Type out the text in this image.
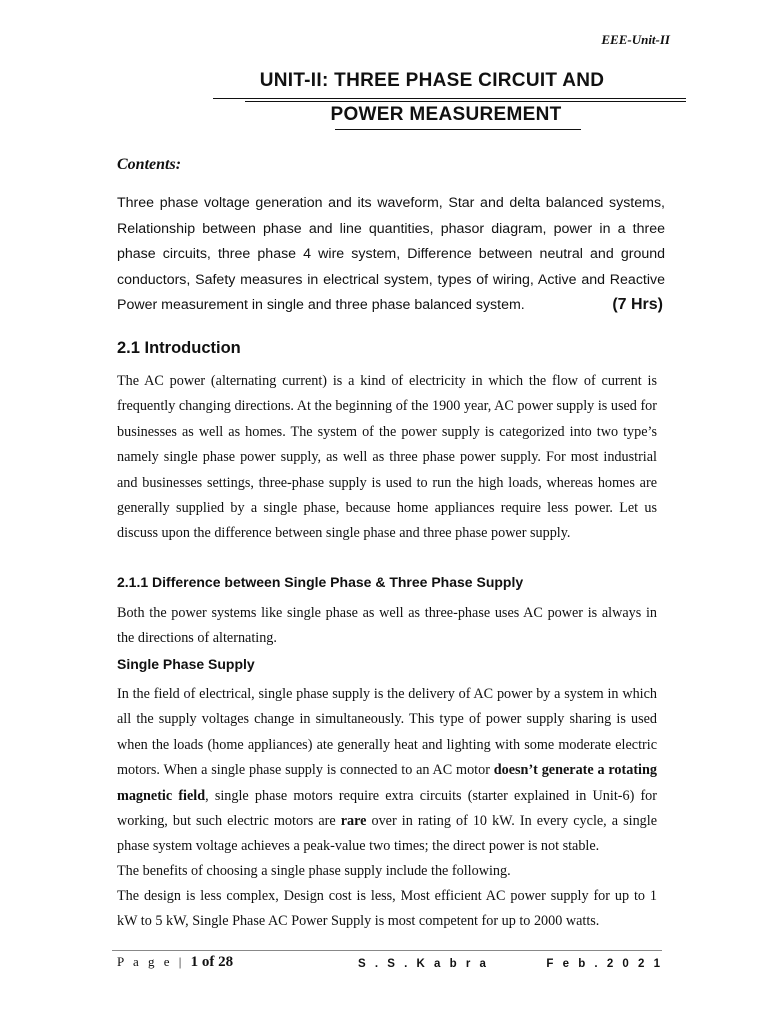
EEE-Unit-II
UNIT-II: THREE PHASE CIRCUIT AND
POWER MEASUREMENT
Contents:
Three phase voltage generation and its waveform, Star and delta balanced systems, Relationship between phase and line quantities, phasor diagram, power in a three phase circuits, three phase 4 wire system, Difference between neutral and ground conductors, Safety measures in electrical system, types of wiring, Active and Reactive Power measurement in single and three phase balanced system.	(7 Hrs)
2.1 Introduction
The AC power (alternating current) is a kind of electricity in which the flow of current is frequently changing directions. At the beginning of the 1900 year, AC power supply is used for businesses as well as homes. The system of the power supply is categorized into two type’s namely single phase power supply, as well as three phase power supply. For most industrial and businesses settings, three-phase supply is used to run the high loads, whereas homes are generally supplied by a single phase, because home appliances require less power. Let us discuss upon the difference between single phase and three phase power supply.
2.1.1 Difference between Single Phase & Three Phase Supply
Both the power systems like single phase as well as three-phase uses AC power is always in the directions of alternating.
Single Phase Supply
In the field of electrical, single phase supply is the delivery of AC power by a system in which all the supply voltages change in simultaneously. This type of power supply sharing is used when the loads (home appliances) ate generally heat and lighting with some moderate electric motors. When a single phase supply is connected to an AC motor doesn’t generate a rotating magnetic field, single phase motors require extra circuits (starter explained in Unit-6) for working, but such electric motors are rare over in rating of 10 kW. In every cycle, a single phase system voltage achieves a peak-value two times; the direct power is not stable.
The benefits of choosing a single phase supply include the following.
The design is less complex, Design cost is less, Most efficient AC power supply for up to 1 kW to 5 kW, Single Phase AC Power Supply is most competent for up to 2000 watts.
P a g e | 1 of 28	S . S . K a b r a	F e b . 2 0 2 1
